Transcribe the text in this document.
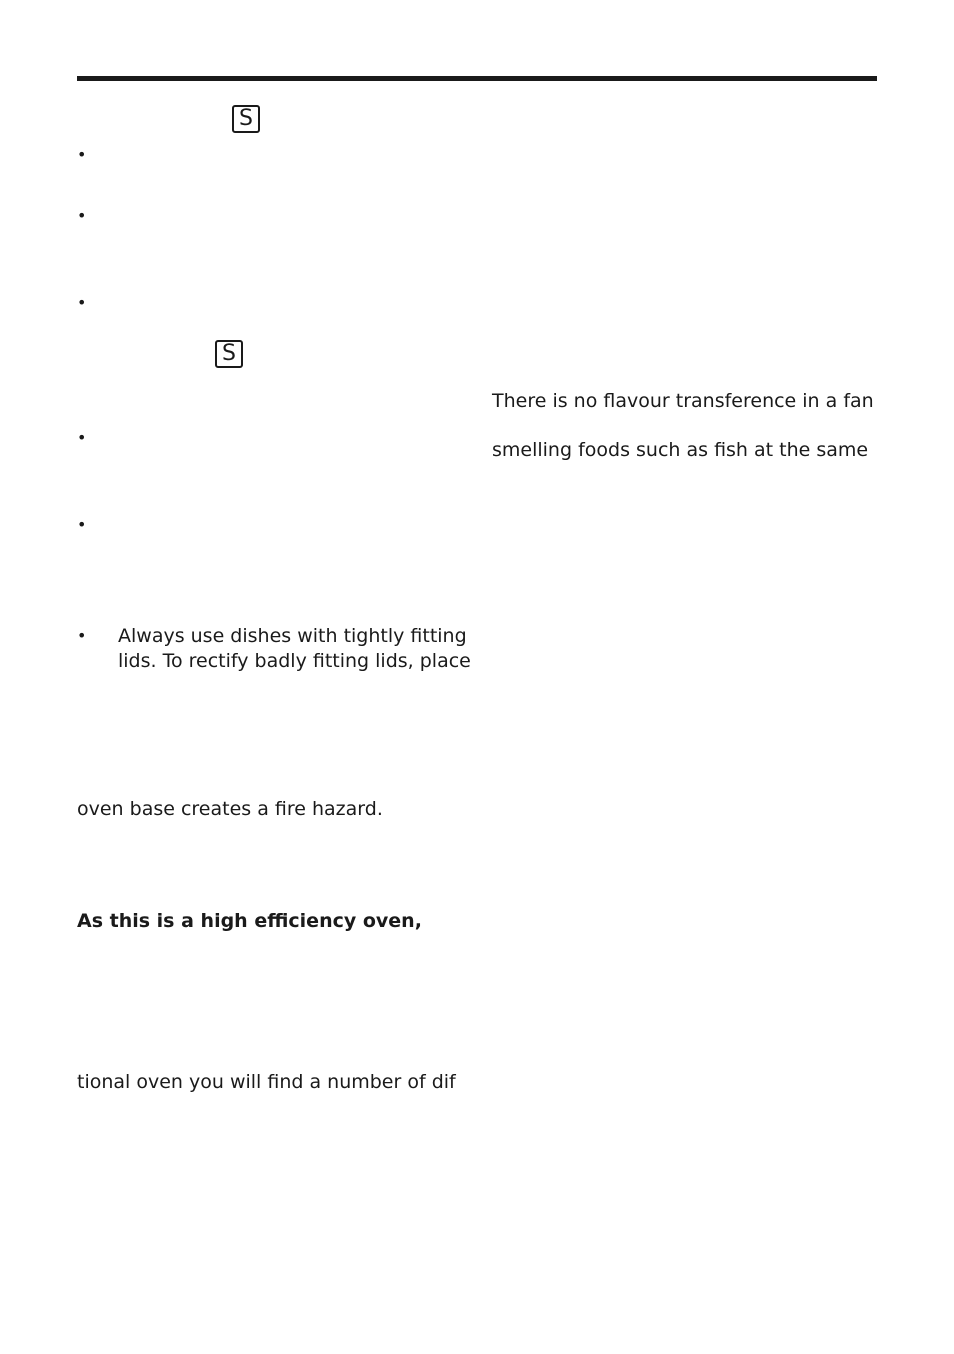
S
S
•
•
•
•
•
•
There is no flavour transference in a fan
smelling foods such as fish at the same
Always use dishes with tightly fitting
lids. To rectify badly fitting lids, place
oven base creates a fire hazard.
As this is a high efficiency oven,
tional oven you will find a number of dif
